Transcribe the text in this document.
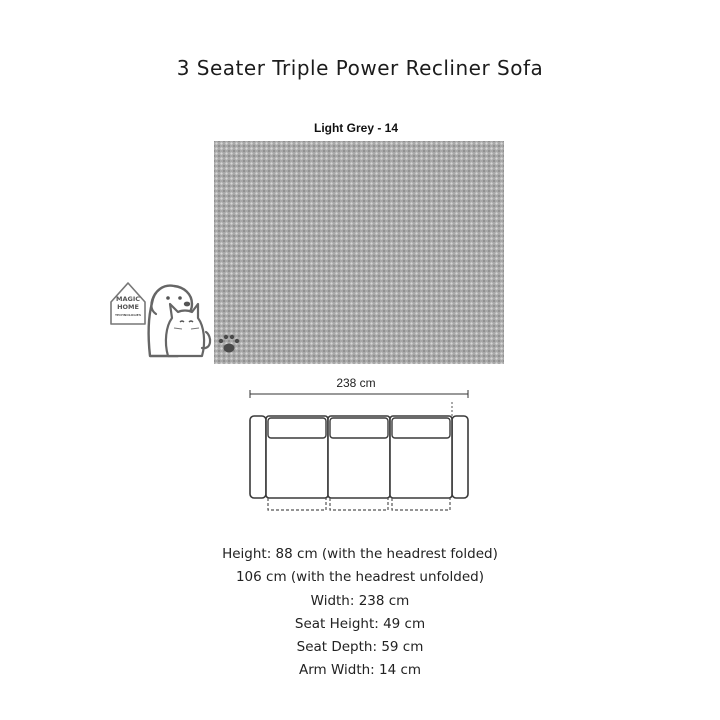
3 Seater Triple Power Recliner Sofa
Light Grey - 14
MAGIC
HOME
TECHNOLOGIES
238 cm
Height: 88 cm (with the headrest folded)
106 cm (with the headrest unfolded)
Width: 238 cm
Seat Height: 49 cm
Seat Depth: 59 cm
Arm Width: 14 cm
